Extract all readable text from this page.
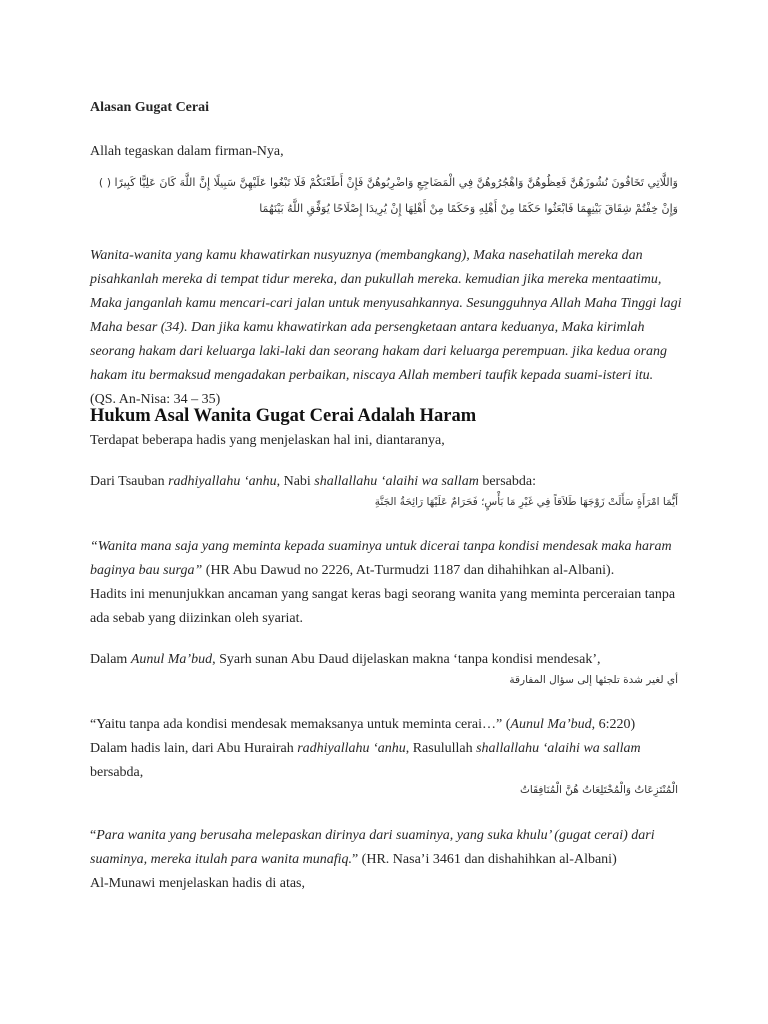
Alasan Gugat Cerai

Allah tegaskan dalam firman-Nya,

وَاللَّاتِي تَخَافُونَ نُشُوزَهُنَّ فَعِظُوهُنَّ وَاهْجُرُوهُنَّ فِي الْمَضَاجِعِ وَاضْرِبُوهُنَّ فَإِنْ أَطَعْنَكُمْ فَلَا تَبْغُوا عَلَيْهِنَّ سَبِيلًا إِنَّ اللَّهَ كَانَ عَلِيًّا كَبِيرًا ( ) وَإِنْ خِفْتُمْ شِقَاقَ بَيْنِهِمَا فَابْعَثُوا حَكَمًا مِنْ أَهْلِهِ وَحَكَمًا مِنْ أَهْلِهَا إِنْ يُرِيدَا إِصْلَاحًا يُوَفِّقِ اللَّهُ بَيْنَهُمَا

Wanita-wanita yang kamu khawatirkan nusyuznya (membangkang), Maka nasehatilah mereka dan pisahkanlah mereka di tempat tidur mereka, dan pukullah mereka. kemudian jika mereka mentaatimu, Maka janganlah kamu mencari-cari jalan untuk menyusahkannya. Sesungguhnya Allah Maha Tinggi lagi Maha besar (34). Dan jika kamu khawatirkan ada persengketaan antara keduanya, Maka kirimlah seorang hakam dari keluarga laki-laki dan seorang hakam dari keluarga perempuan. jika kedua orang hakam itu bermaksud mengadakan perbaikan, niscaya Allah memberi taufik kepada suami-isteri itu. (QS. An-Nisa: 34 – 35)

Hukum Asal Wanita Gugat Cerai Adalah Haram

Terdapat beberapa hadis yang menjelaskan hal ini, diantaranya,

Dari Tsauban radhiyallahu ‘anhu, Nabi shallallahu ‘alaihi wa sallam bersabda:

أَيُّمَا امْرَأَةٍ سَأَلَتْ زَوْجَهَا طَلاَقاً فِي غَيْرِ مَا بَأْسٍ؛ فَحَرَامٌ عَلَيْهَا رَائِحَةُ الجَنَّةِ

“Wanita mana saja yang meminta kepada suaminya untuk dicerai tanpa kondisi mendesak maka haram baginya bau surga” (HR Abu Dawud no 2226, At-Turmudzi 1187 dan dihahihkan al-Albani).
Hadits ini menunjukkan ancaman yang sangat keras bagi seorang wanita yang meminta perceraian tanpa ada sebab yang diizinkan oleh syariat.

Dalam Aunul Ma’bud, Syarh sunan Abu Daud dijelaskan makna ‘tanpa kondisi mendesak’,

أي لغير شدة تلجئها إلى سؤال المفارقة

“Yaitu tanpa ada kondisi mendesak memaksanya untuk meminta cerai…” (Aunul Ma’bud, 6:220)
Dalam hadis lain, dari Abu Hurairah radhiyallahu ‘anhu, Rasulullah shallallahu ‘alaihi wa sallam bersabda,

الْمُنْتَزِعَاتُ وَالْمُخْتَلِعَاتُ هُنَّ الْمُنَافِقَاتُ

“Para wanita yang berusaha melepaskan dirinya dari suaminya, yang suka khulu’ (gugat cerai) dari suaminya, mereka itulah para wanita munafiq.” (HR. Nasa’i 3461 dan dishahihkan al-Albani)
Al-Munawi menjelaskan hadis di atas,
